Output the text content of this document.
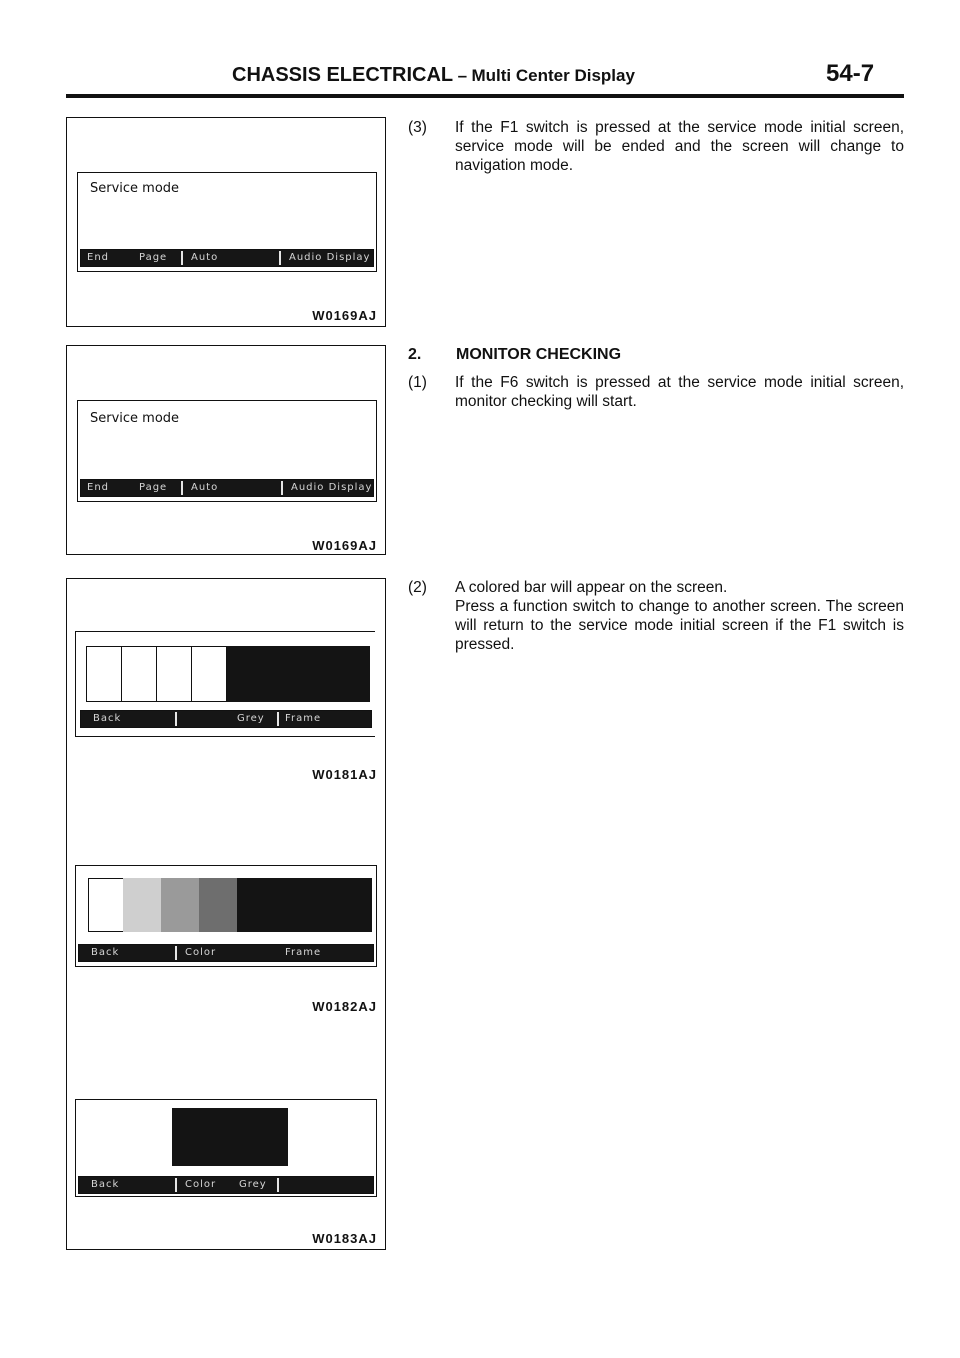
CHASSIS ELECTRICAL – Multi Center Display	54-7
Service mode
End	Page	Auto	Audio Display
W0169AJ
Service mode
End	Page	Auto	Audio Display
W0169AJ
Back	Grey	Frame
W0181AJ
Back	Color	Frame
W0182AJ
Back	Color	Grey
W0183AJ
(3) If the F1 switch is pressed at the service mode initial screen, service mode will be ended and the screen will change to navigation mode.
2. MONITOR CHECKING
(1) If the F6 switch is pressed at the service mode initial screen, monitor checking will start.
(2) A colored bar will appear on the screen.
Press a function switch to change to another screen. The screen will return to the service mode initial screen if the F1 switch is pressed.
